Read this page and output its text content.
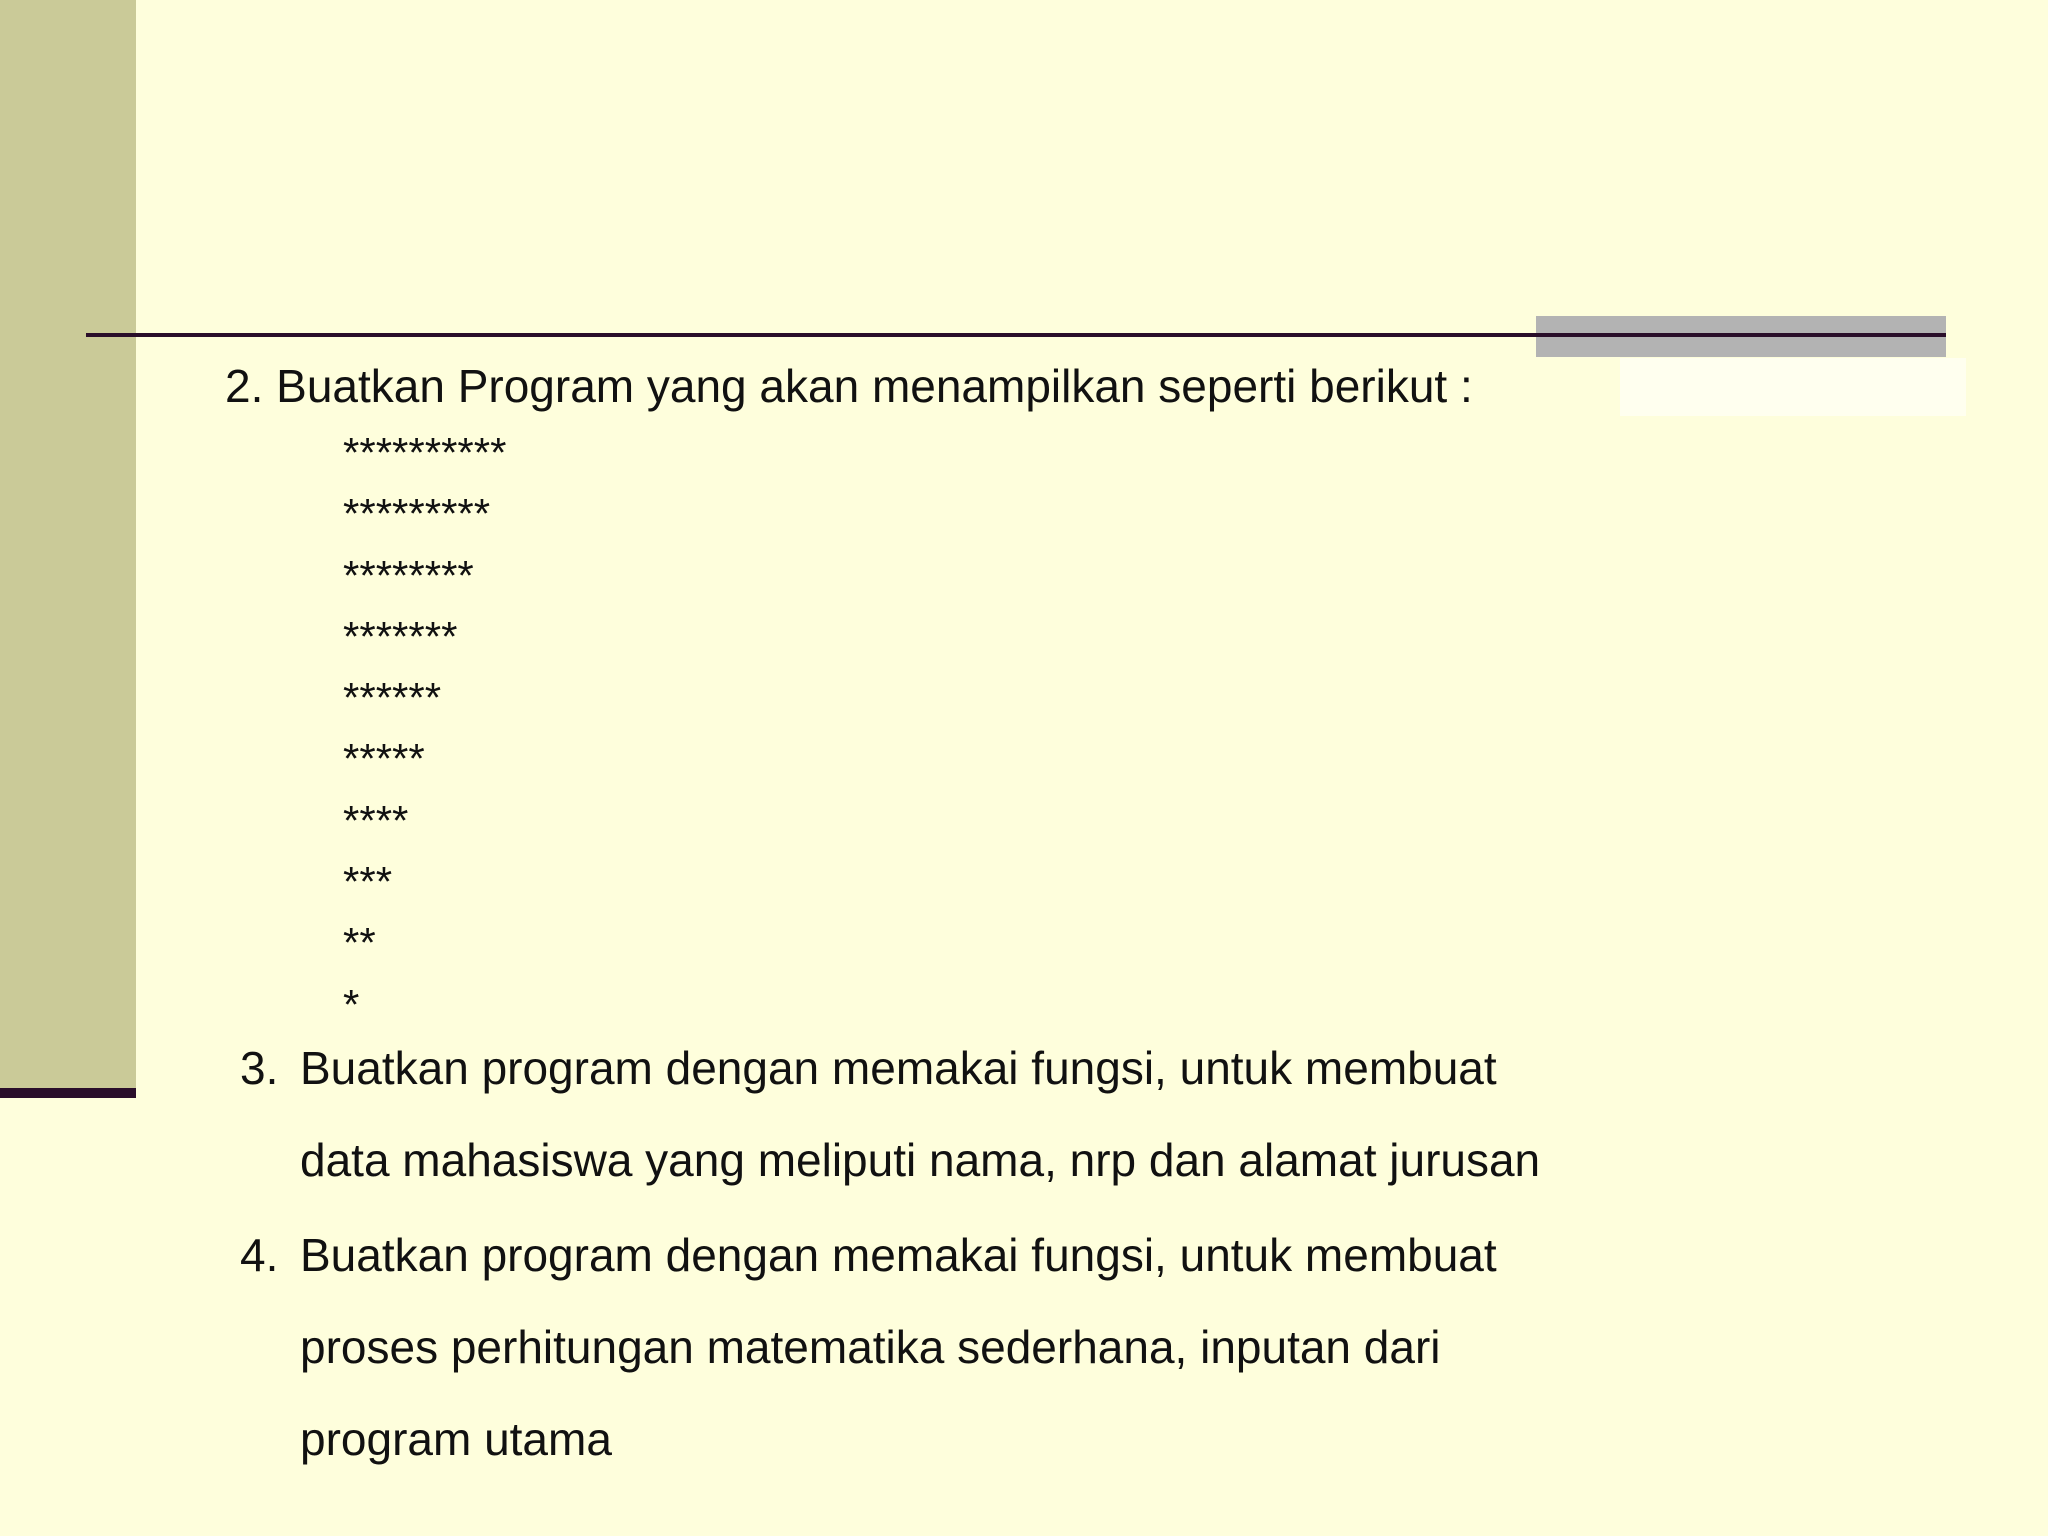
2. Buatkan Program yang akan menampilkan seperti berikut :
**********
*********
********
*******
******
*****
****
***
**
*
3. Buatkan program dengan memakai fungsi, untuk membuat
data mahasiswa yang meliputi nama, nrp dan alamat jurusan
4. Buatkan program dengan memakai fungsi, untuk membuat
proses perhitungan matematika sederhana, inputan dari
program utama
